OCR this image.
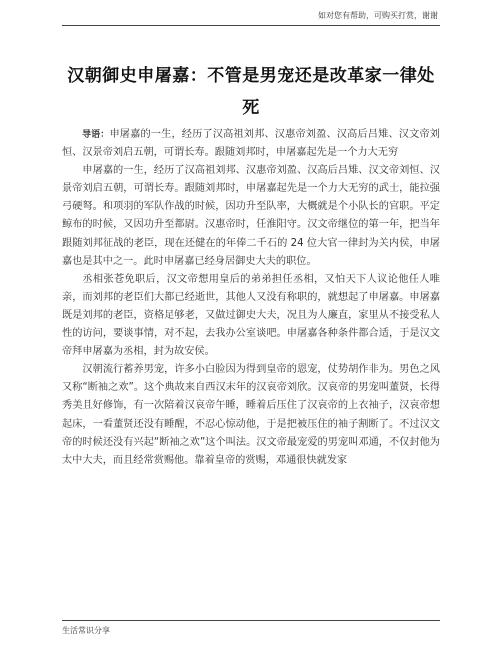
如对您有帮助，可购买打赏，谢谢
汉朝御史申屠嘉：不管是男宠还是改革家一律处
死

导语：申屠嘉的一生，经历了汉高祖刘邦、汉惠帝刘盈、汉高后吕雉、汉文帝刘恒、汉景帝刘启五朝，可谓长寿。跟随刘邦时，申屠嘉起先是一个力大无穷

申屠嘉的一生，经历了汉高祖刘邦、汉惠帝刘盈、汉高后吕雉、汉文帝刘恒、汉景帝刘启五朝，可谓长寿。跟随刘邦时，申屠嘉起先是一个力大无穷的武士，能拉强弓硬弩。和项羽的军队作战的时候，因功升至队率，大概就是个小队长的官职。平定鲸布的时候，又因功升至都尉。汉惠帝时，任淮阳守。汉文帝继位的第一年，把当年跟随刘邦征战的老臣，现在还健在的年俸二千石的 24 位大官一律封为关内侯，申屠嘉也是其中之一。此时申屠嘉已经身居御史大夫的职位。

丞相张苍免职后，汉文帝想用皇后的弟弟担任丞相，又怕天下人议论他任人唯亲，而刘邦的老臣们大都已经逝世，其他人又没有称职的，就想起了申屠嘉。申屠嘉既是刘邦的老臣，资格足够老，又做过御史大夫，况且为人廉直，家里从不接受私人性的访问，要谈事情，对不起，去我办公室谈吧。申屠嘉各种条件都合适，于是汉文帝拜申屠嘉为丞相，封为故安侯。

汉朝流行蓄养男宠，许多小白脸因为得到皇帝的恩宠，仗势胡作非为。男色之风又称“断袖之欢”。这个典故来自西汉末年的汉哀帝刘欣。汉哀帝的男宠叫董贤，长得秀美且好修饰，有一次陪着汉哀帝午睡，睡着后压住了汉哀帝的上衣袖子，汉哀帝想起床，一看董贤还没有睡醒，不忍心惊动他，于是把被压住的袖子割断了。不过汉文帝的时候还没有兴起“断袖之欢”这个叫法。汉文帝最宠爱的男宠叫邓通，不仅封他为太中大夫，而且经常赏赐他。靠着皇帝的赏赐，邓通很快就发家

生活常识分享
